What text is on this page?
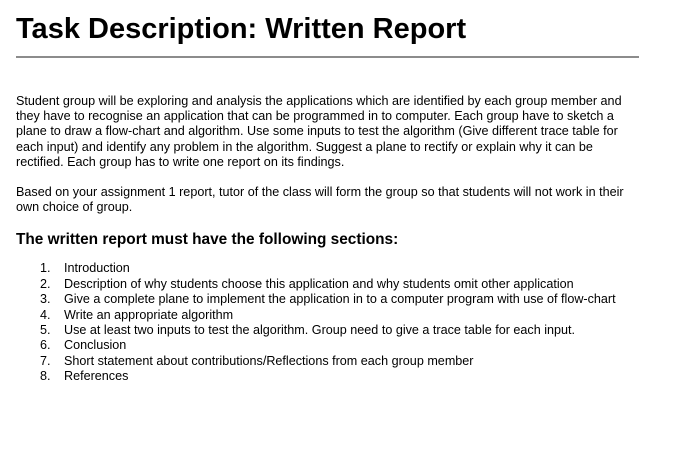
Task Description: Written Report

Student group will be exploring and analysis the applications which are identified by each group member and they have to recognise an application that can be programmed in to computer. Each group have to sketch a plane to draw a flow-chart and algorithm. Use some inputs to test the algorithm (Give different trace table for each input) and identify any problem in the algorithm. Suggest a plane to rectify or explain why it can be rectified. Each group has to write one report on its findings.

Based on your assignment 1 report, tutor of the class will form the group so that students will not work in their own choice of group.

The written report must have the following sections:
1. Introduction
2. Description of why students choose this application and why students omit other application
3. Give a complete plane to implement the application in to a computer program with use of flow-chart
4. Write an appropriate algorithm
5. Use at least two inputs to test the algorithm. Group need to give a trace table for each input.
6. Conclusion
7. Short statement about contributions/Reflections from each group member
8. References
